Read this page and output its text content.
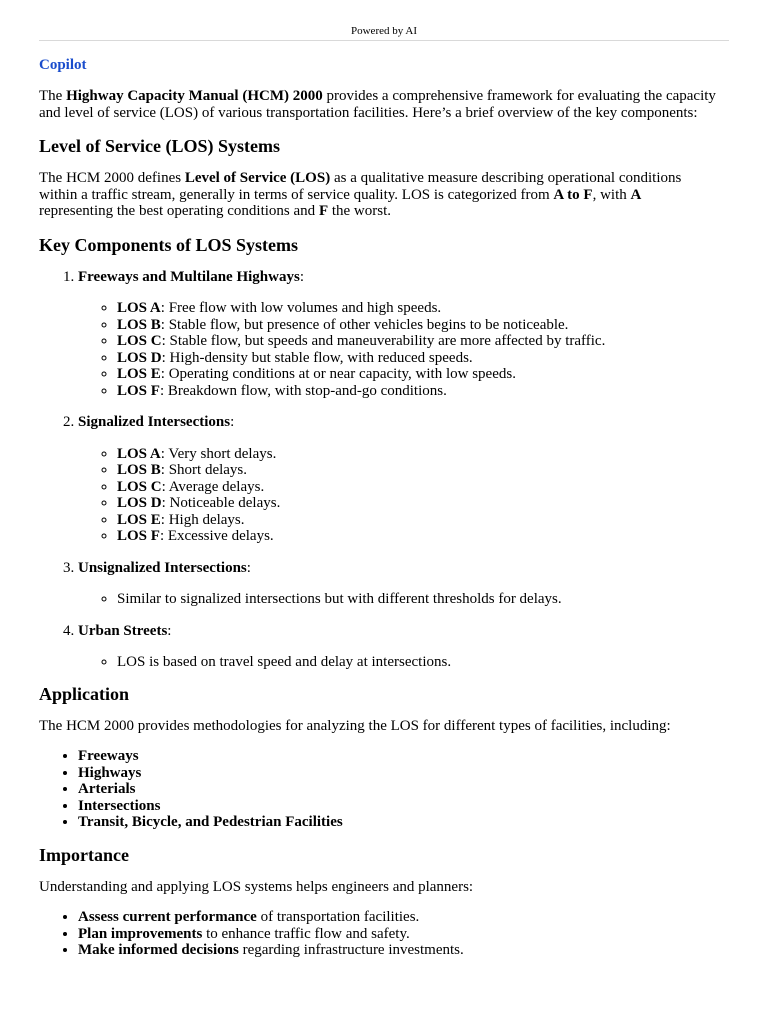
Powered by AI

Copilot

The Highway Capacity Manual (HCM) 2000 provides a comprehensive framework for evaluating the capacity and level of service (LOS) of various transportation facilities. Here’s a brief overview of the key components:

Level of Service (LOS) Systems

The HCM 2000 defines Level of Service (LOS) as a qualitative measure describing operational conditions within a traffic stream, generally in terms of service quality. LOS is categorized from A to F, with A representing the best operating conditions and F the worst.

Key Components of LOS Systems
1. Freeways and Multilane Highways:
◦ LOS A: Free flow with low volumes and high speeds.
◦ LOS B: Stable flow, but presence of other vehicles begins to be noticeable.
◦ LOS C: Stable flow, but speeds and maneuverability are more affected by traffic.
◦ LOS D: High-density but stable flow, with reduced speeds.
◦ LOS E: Operating conditions at or near capacity, with low speeds.
◦ LOS F: Breakdown flow, with stop-and-go conditions.
2. Signalized Intersections:
◦ LOS A: Very short delays.
◦ LOS B: Short delays.
◦ LOS C: Average delays.
◦ LOS D: Noticeable delays.
◦ LOS E: High delays.
◦ LOS F: Excessive delays.
3. Unsignalized Intersections:
◦ Similar to signalized intersections but with different thresholds for delays.
4. Urban Streets:
◦ LOS is based on travel speed and delay at intersections.
Application

The HCM 2000 provides methodologies for analyzing the LOS for different types of facilities, including:

• Freeways
• Highways
• Arterials
• Intersections
• Transit, Bicycle, and Pedestrian Facilities
Importance

Understanding and applying LOS systems helps engineers and planners:

• Assess current performance of transportation facilities.
• Plan improvements to enhance traffic flow and safety.
• Make informed decisions regarding infrastructure investments.
